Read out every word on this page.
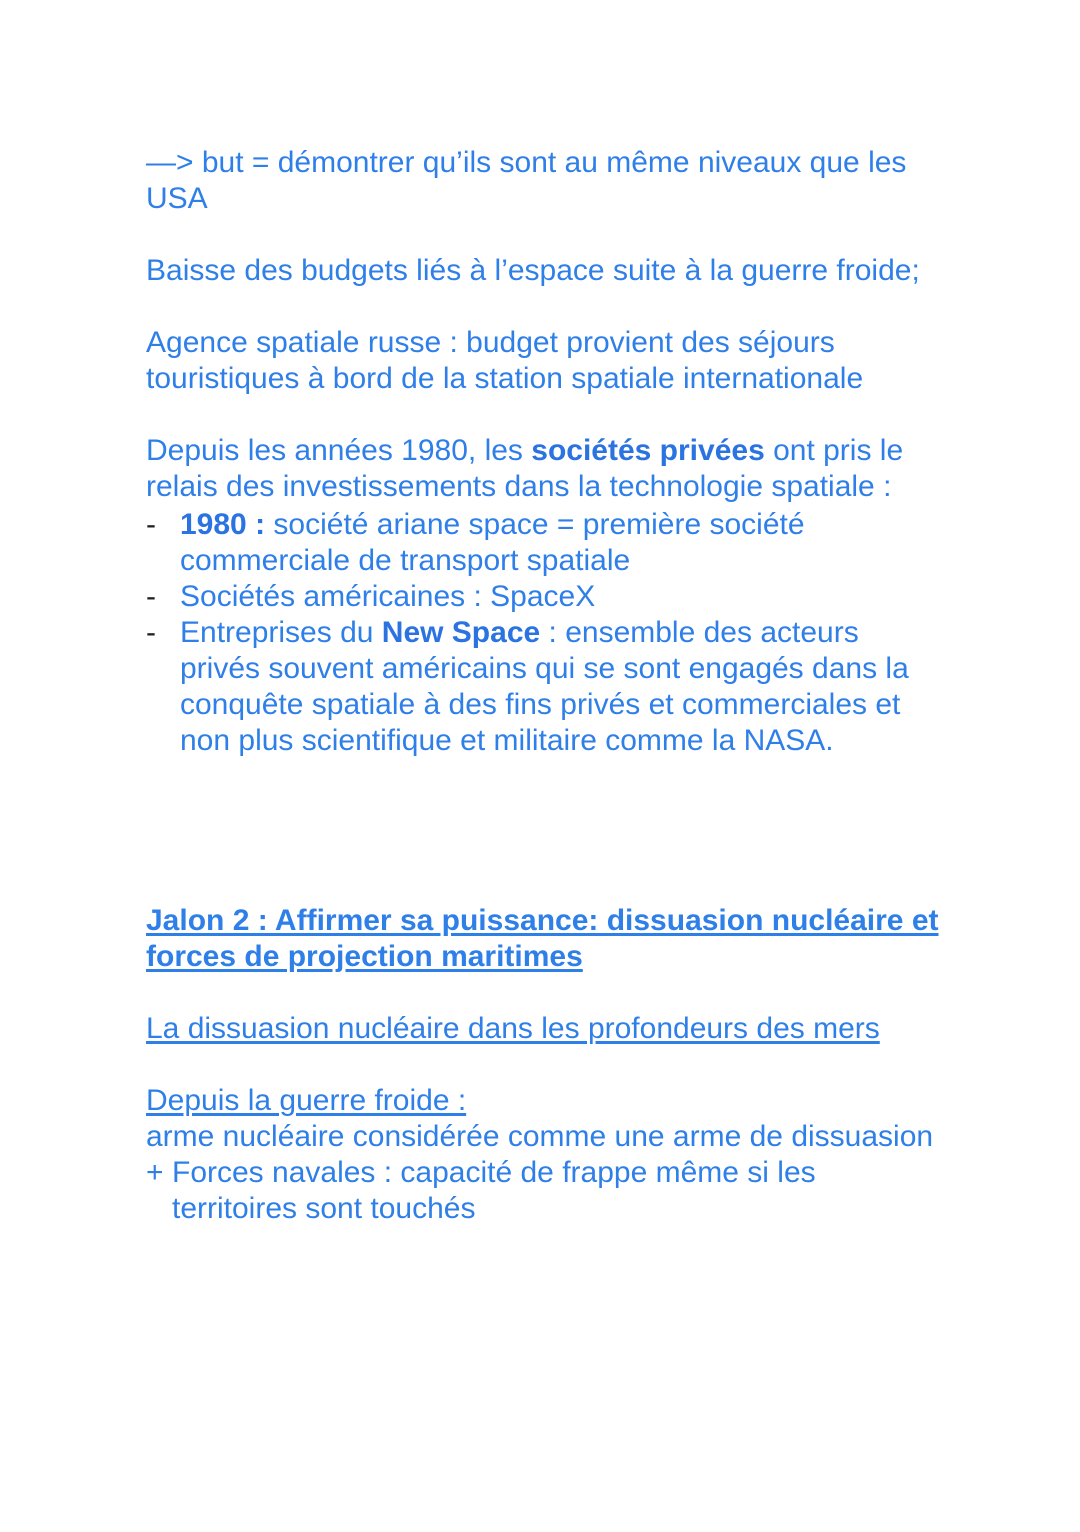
—> but = démontrer qu’ils sont au même niveaux que les USA

Baisse des budgets liés à l’espace suite à la guerre froide;

Agence spatiale russe : budget provient des séjours touristiques à bord de la station spatiale internationale

Depuis les années 1980, les sociétés privées ont pris le relais des investissements dans la technologie spatiale :

- 1980 : société ariane space = première société commerciale de transport spatiale
- Sociétés américaines : SpaceX
- Entreprises du New Space : ensemble des acteurs privés souvent américains qui se sont engagés dans la conquête spatiale à des fins privés et commerciales et non plus scientifique et militaire comme la NASA.

Jalon 2 : Affirmer sa puissance: dissuasion nucléaire et forces de projection maritimes

La dissuasion nucléaire dans les profondeurs des mers

Depuis la guerre froide :

arme nucléaire considérée comme une arme de dissuasion

+ Forces navales : capacité de frappe même si les territoires sont touchés
